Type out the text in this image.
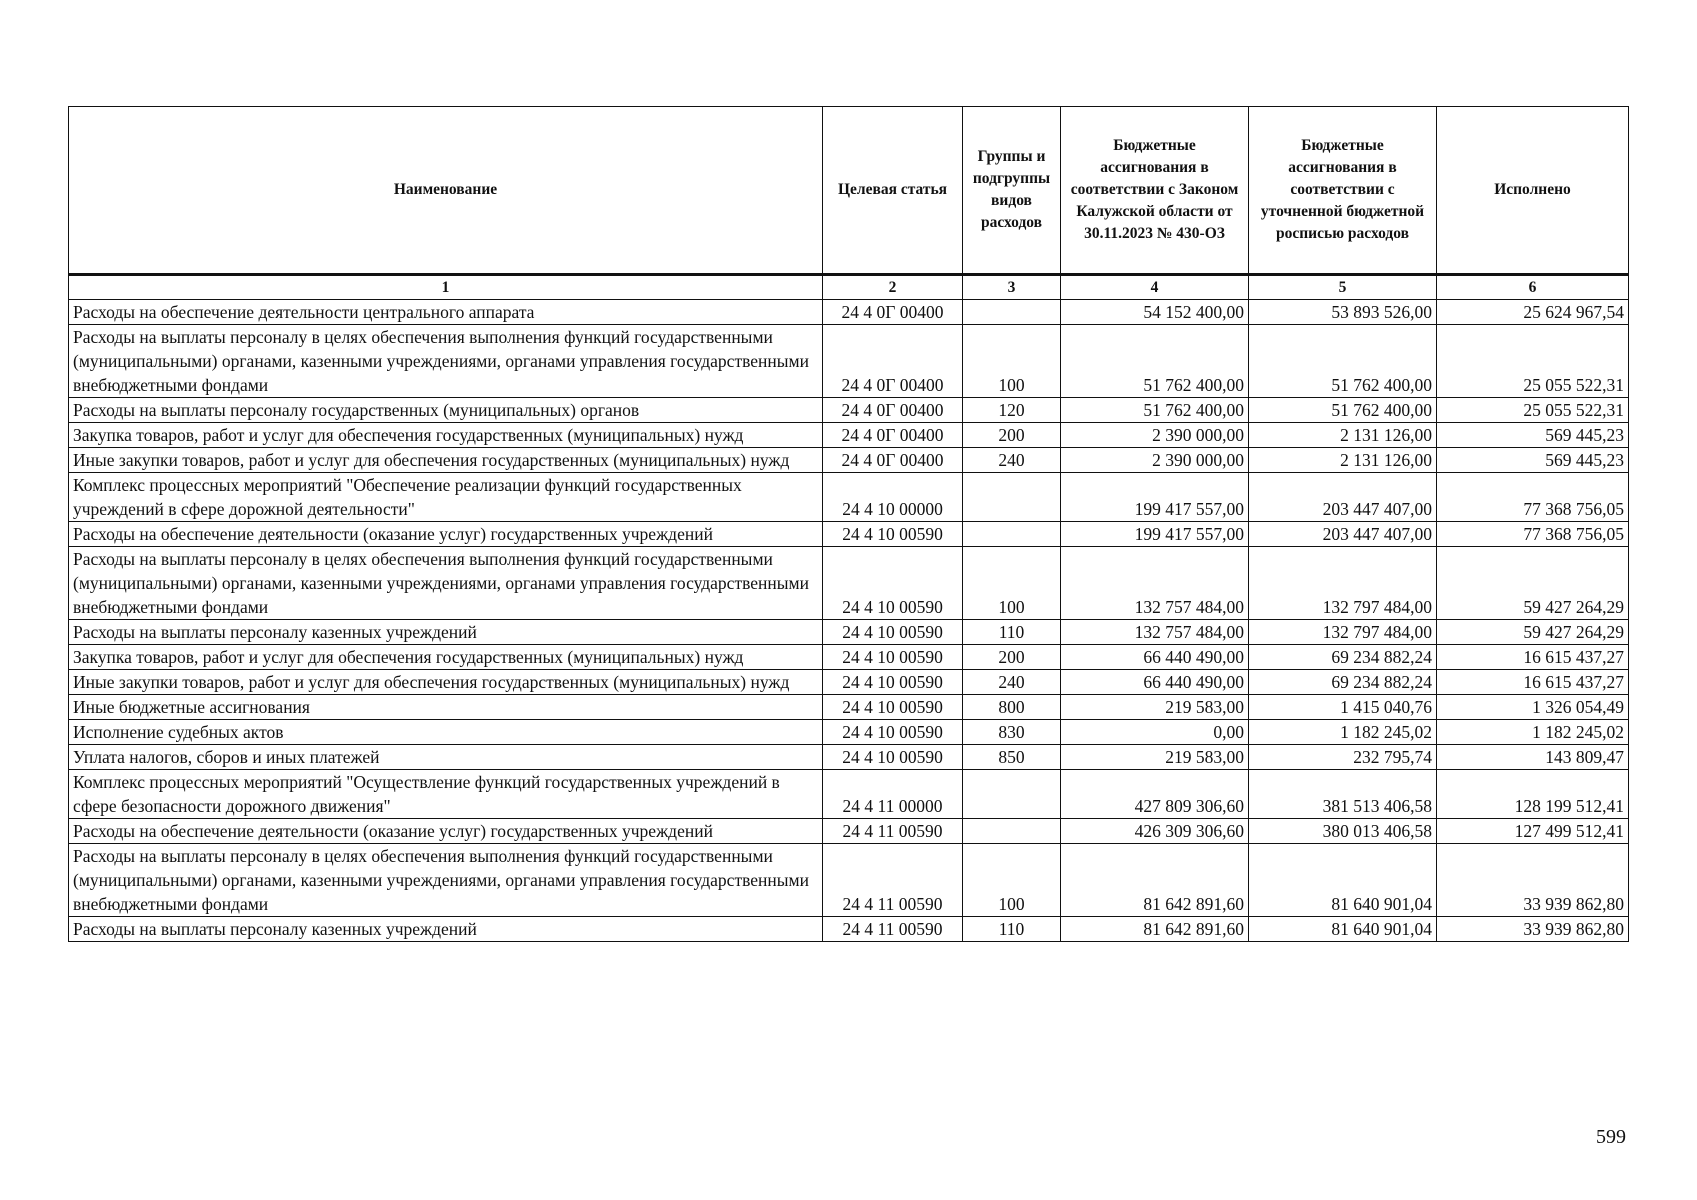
Наименование	Целевая статья	Группы и подгруппы видов расходов	Бюджетные ассигнования в соответствии с Законом Калужской области от 30.11.2023 № 430-ОЗ	Бюджетные ассигнования в соответствии с уточненной бюджетной росписью расходов	Исполнено
1	2	3	4	5	6
Расходы на обеспечение деятельности центрального аппарата	24 4 0Г 00400		54 152 400,00	53 893 526,00	25 624 967,54
Расходы на выплаты персоналу в целях обеспечения выполнения функций государственными (муниципальными) органами, казенными учреждениями, органами управления государственными внебюджетными фондами	24 4 0Г 00400	100	51 762 400,00	51 762 400,00	25 055 522,31
Расходы на выплаты персоналу государственных (муниципальных) органов	24 4 0Г 00400	120	51 762 400,00	51 762 400,00	25 055 522,31
Закупка товаров, работ и услуг для обеспечения государственных (муниципальных) нужд	24 4 0Г 00400	200	2 390 000,00	2 131 126,00	569 445,23
Иные закупки товаров, работ и услуг для обеспечения государственных (муниципальных) нужд	24 4 0Г 00400	240	2 390 000,00	2 131 126,00	569 445,23
Комплекс процессных мероприятий "Обеспечение реализации функций государственных учреждений в сфере дорожной деятельности"	24 4 10 00000		199 417 557,00	203 447 407,00	77 368 756,05
Расходы на обеспечение деятельности (оказание услуг) государственных учреждений	24 4 10 00590		199 417 557,00	203 447 407,00	77 368 756,05
Расходы на выплаты персоналу в целях обеспечения выполнения функций государственными (муниципальными) органами, казенными учреждениями, органами управления государственными внебюджетными фондами	24 4 10 00590	100	132 757 484,00	132 797 484,00	59 427 264,29
Расходы на выплаты персоналу казенных учреждений	24 4 10 00590	110	132 757 484,00	132 797 484,00	59 427 264,29
Закупка товаров, работ и услуг для обеспечения государственных (муниципальных) нужд	24 4 10 00590	200	66 440 490,00	69 234 882,24	16 615 437,27
Иные закупки товаров, работ и услуг для обеспечения государственных (муниципальных) нужд	24 4 10 00590	240	66 440 490,00	69 234 882,24	16 615 437,27
Иные бюджетные ассигнования	24 4 10 00590	800	219 583,00	1 415 040,76	1 326 054,49
Исполнение судебных актов	24 4 10 00590	830	0,00	1 182 245,02	1 182 245,02
Уплата налогов, сборов и иных платежей	24 4 10 00590	850	219 583,00	232 795,74	143 809,47
Комплекс процессных мероприятий "Осуществление функций государственных учреждений в сфере безопасности дорожного движения"	24 4 11 00000		427 809 306,60	381 513 406,58	128 199 512,41
Расходы на обеспечение деятельности (оказание услуг) государственных учреждений	24 4 11 00590		426 309 306,60	380 013 406,58	127 499 512,41
Расходы на выплаты персоналу в целях обеспечения выполнения функций государственными (муниципальными) органами, казенными учреждениями, органами управления государственными внебюджетными фондами	24 4 11 00590	100	81 642 891,60	81 640 901,04	33 939 862,80
Расходы на выплаты персоналу казенных учреждений	24 4 11 00590	110	81 642 891,60	81 640 901,04	33 939 862,80
599
